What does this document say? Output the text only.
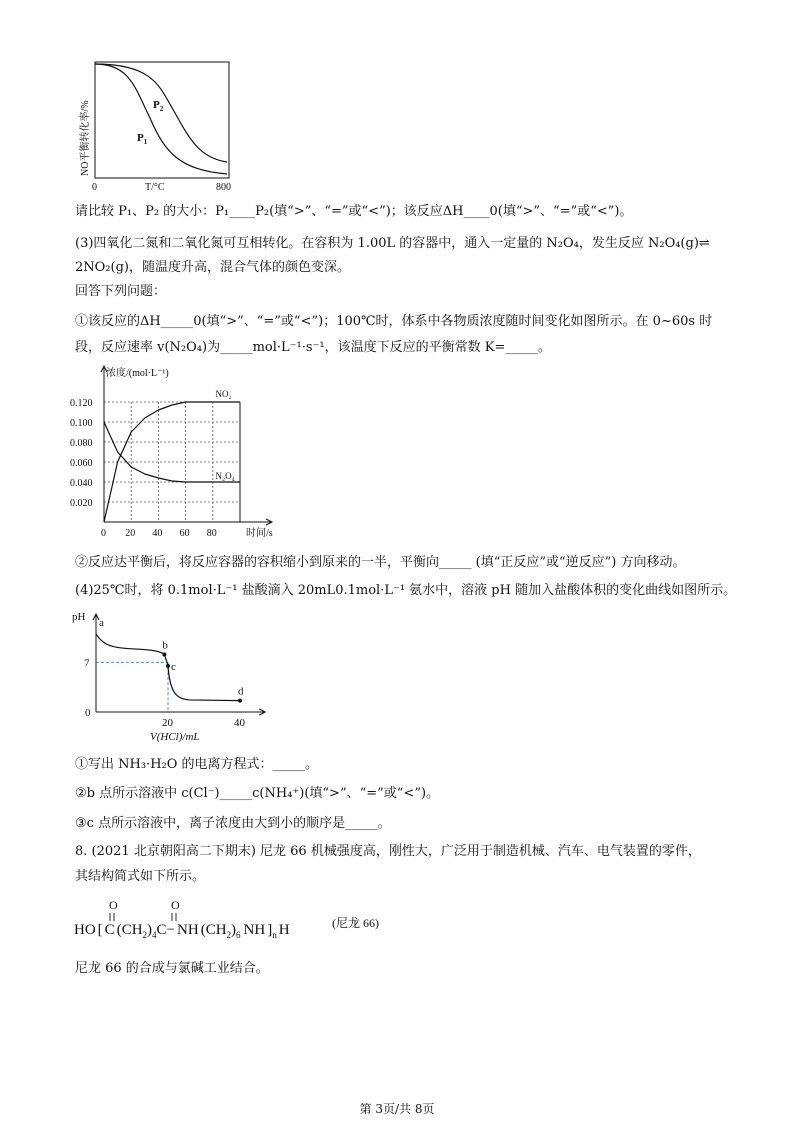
$P_2$
$P_1$
NO平衡转化率/%
0	T/°C	800
请比较 P₁、P₂ 的大小：P₁____P₂(填“>”、“=”或“<”)；该反应ΔH____0(填“>”、“=”或“<”)。
(3)四氧化二氮和二氧化氮可互相转化。在容积为 1.00L 的容器中，通入一定量的 N₂O₄，发生反应 N₂O₄(g)⇌
2NO₂(g)，随温度升高，混合气体的颜色变深。
回答下列问题：
①该反应的ΔH_____0(填“>”、“=”或“<”)；100℃时，体系中各物质浓度随时间变化如图所示。在 0~60s 时
段，反应速率 v(N₂O₄)为_____mol·L⁻¹·s⁻¹，该温度下反应的平衡常数 K=_____。
0.020
0.040
0.060
0.080
0.100
0.120
0 20 40 60 80
浓度/(mol·L⁻¹)
时间/s
NO₂
N₂O₄
②反应达平衡后，将反应容器的容积缩小到原来的一半，平衡向_____ (填“正反应”或“逆反应”) 方向移动。
(4)25℃时，将 0.1mol·L⁻¹ 盐酸滴入 20mL0.1mol·L⁻¹ 氨水中，溶液 pH 随加入盐酸体积的变化曲线如图所示。
a
b
c
d
pH
7
0
20	40
V(HCl)/mL
①写出 NH₃·H₂O 的电离方程式：_____。
②b 点所示溶液中 c(Cl⁻)_____c(NH₄⁺)(填“>”、“=”或“<”)。
③c 点所示溶液中，离子浓度由大到小的顺序是_____。
8. (2021 北京朝阳高二下期末) 尼龙 66 机械强度高，刚性大，广泛用于制造机械、汽车、电气装置的零件，
其结构简式如下所示。
O	O
HO [ C $(CH_2)_4C-$ NH $(CH_2)_6$ NH ]$_n$ H	(尼龙 66)
尼龙 66 的合成与氯碱工业结合。
第 3页/共 8页
